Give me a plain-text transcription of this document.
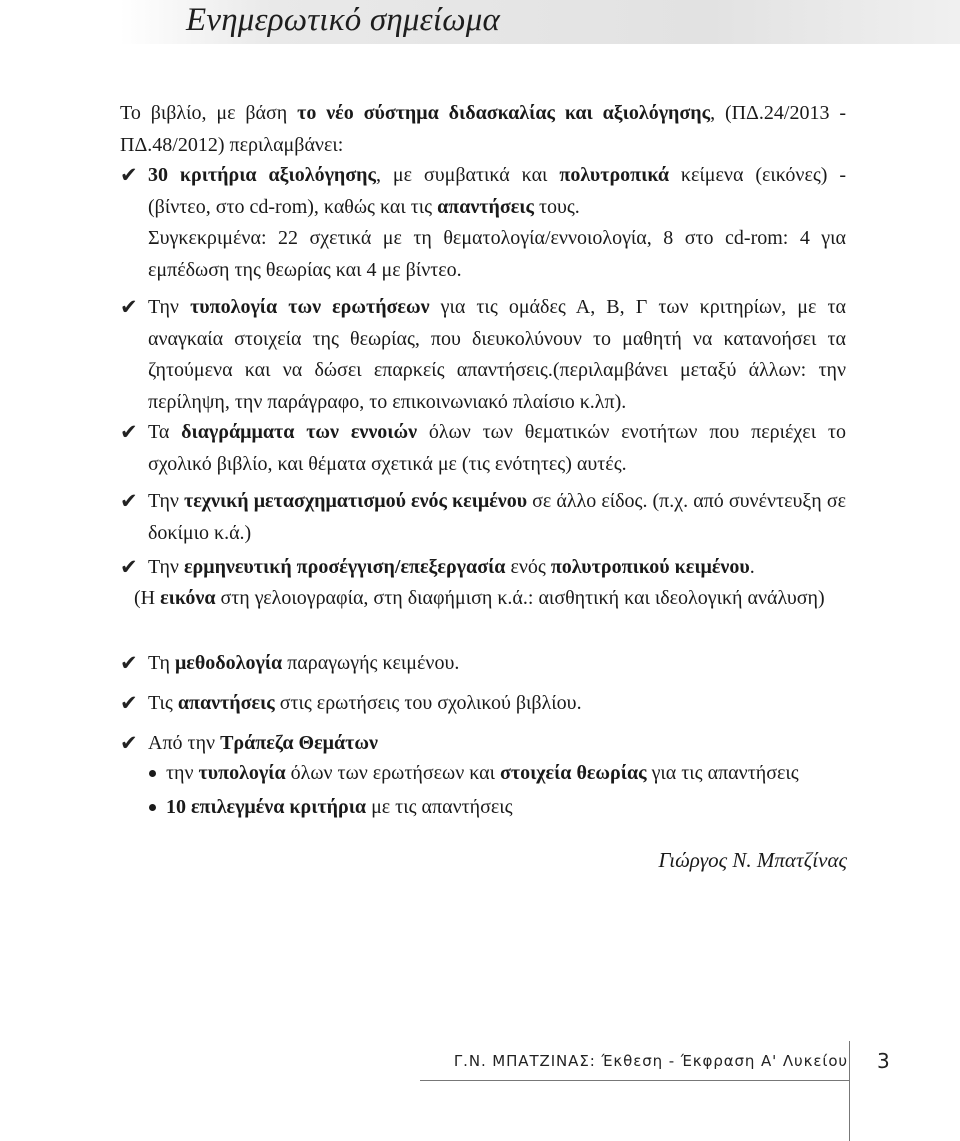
Ενημερωτικό σημείωμα

Το βιβλίο, με βάση το νέο σύστημα διδασκαλίας και αξιολόγησης, (ΠΔ.24/2013 - ΠΔ.48/2012) περιλαμβάνει:

✔ 30 κριτήρια αξιολόγησης, με συμβατικά και πολυτροπικά κείμενα (εικόνες) - (βίντεο, στο cd-rom), καθώς και τις απαντήσεις τους.
Συγκεκριμένα: 22 σχετικά με τη θεματολογία/εννοιολογία, 8 στο cd-rom: 4 για εμπέδωση της θεωρίας και 4 με βίντεο.

✔ Την τυπολογία των ερωτήσεων για τις ομάδες Α, Β, Γ των κριτηρίων, με τα αναγκαία στοιχεία της θεωρίας, που διευκολύνουν το μαθητή να κατανοήσει τα ζητούμενα και να δώσει επαρκείς απαντήσεις.(περιλαμβάνει μεταξύ άλλων: την περίληψη, την παράγραφο, το επικοινωνιακό πλαίσιο κ.λπ).

✔ Τα διαγράμματα των εννοιών όλων των θεματικών ενοτήτων που περιέχει το σχολικό βιβλίο, και θέματα σχετικά με (τις ενότητες) αυτές.

✔ Την τεχνική μετασχηματισμού ενός κειμένου σε άλλο είδος. (π.χ. από συνέντευξη σε δοκίμιο κ.ά.)

✔ Την ερμηνευτική προσέγγιση/επεξεργασία ενός πολυτροπικού κειμένου.

(Η εικόνα στη γελοιογραφία, στη διαφήμιση κ.ά.: αισθητική και ιδεολογική ανάλυση)

✔ Τη μεθοδολογία παραγωγής κειμένου.

✔ Τις απαντήσεις στις ερωτήσεις του σχολικού βιβλίου.

✔ Από την Τράπεζα Θεμάτων

την τυπολογία όλων των ερωτήσεων και στοιχεία θεωρίας για τις απαντήσεις

10 επιλεγμένα κριτήρια με τις απαντήσεις

Γιώργος Ν. Μπατζίνας

Γ.Ν. ΜΠΑΤΖΙΝΑΣ: Έκθεση - Έκφραση Α' Λυκείου 3
